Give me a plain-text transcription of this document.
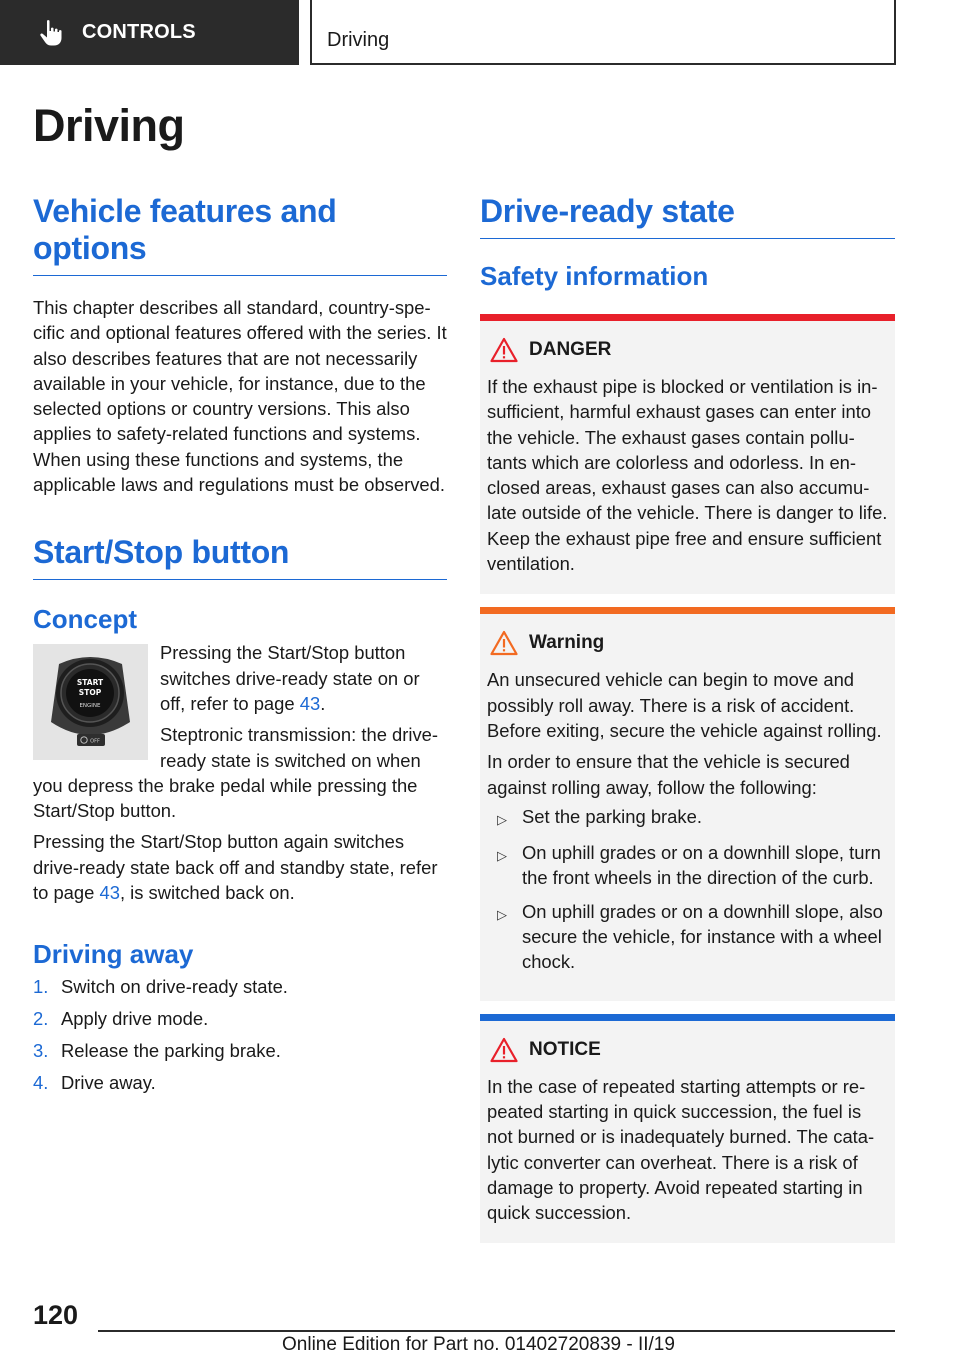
CONTROLS	Driving
Driving
Vehicle features and options

This chapter describes all standard, country-specific and optional features offered with the series. It also describes features that are not necessarily available in your vehicle, for instance, due to the selected options or country versions. This also applies to safety-related functions and systems. When using these functions and systems, the applicable laws and regulations must be observed.

Start/Stop button
Concept
START
STOP
ENGINE
OFF

Pressing the Start/Stop button switches drive-ready state on or off, refer to page 43.

Steptronic transmission: the drive-ready state is switched on when you depress the brake pedal while pressing the Start/Stop button.

Pressing the Start/Stop button again switches drive-ready state back off and standby state, refer to page 43, is switched back on.

Driving away
1. Switch on drive-ready state.
2. Apply drive mode.
3. Release the parking brake.
4. Drive away.
Drive-ready state
Safety information
DANGER

If the exhaust pipe is blocked or ventilation is insufficient, harmful exhaust gases can enter into the vehicle. The exhaust gases contain pollutants which are colorless and odorless. In enclosed areas, exhaust gases can also accumulate outside of the vehicle. There is danger to life. Keep the exhaust pipe free and ensure sufficient ventilation.

Warning

An unsecured vehicle can begin to move and possibly roll away. There is a risk of accident. Before exiting, secure the vehicle against rolling.

In order to ensure that the vehicle is secured against rolling away, follow the following:

▷ Set the parking brake.
▷ On uphill grades or on a downhill slope, turn the front wheels in the direction of the curb.
▷ On uphill grades or on a downhill slope, also secure the vehicle, for instance with a wheel chock.
NOTICE

In the case of repeated starting attempts or repeated starting in quick succession, the fuel is not burned or is inadequately burned. The catalytic converter can overheat. There is a risk of damage to property. Avoid repeated starting in quick succession.

120
Online Edition for Part no. 01402720839 - II/19
